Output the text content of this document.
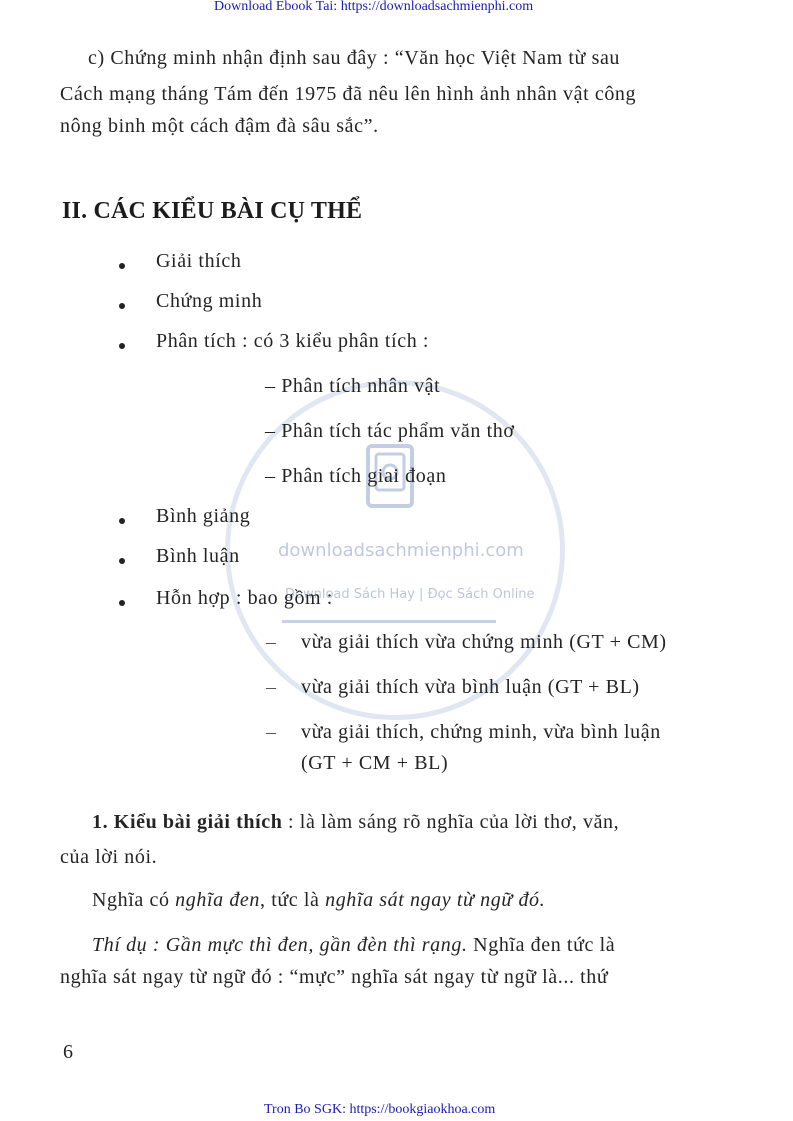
downloadsachmienphi.com
Download Sách Hay | Đọc Sách Online
Download Ebook Tai: https://downloadsachmienphi.com
Tron Bo SGK: https://bookgiaokhoa.com
c) Chứng minh nhận định sau đây : “Văn học Việt Nam từ sau
Cách mạng tháng Tám đến 1975 đã nêu lên hình ảnh nhân vật công
nông binh một cách đậm đà sâu sắc”.
II. CÁC KIỂU BÀI CỤ THỂ
Giải thích
Chứng minh
Phân tích : có 3 kiểu phân tích :
– Phân tích nhân vật
– Phân tích tác phẩm văn thơ
– Phân tích giai đoạn
Bình giảng
Bình luận
Hỗn hợp : bao gồm :
– vừa giải thích vừa chứng minh (GT + CM)
– vừa giải thích vừa bình luận (GT + BL)
– vừa giải thích, chứng minh, vừa bình luận
(GT + CM + BL)
1. Kiểu bài giải thích : là làm sáng rõ nghĩa của lời thơ, văn,
của lời nói.
Nghĩa có nghĩa đen, tức là nghĩa sát ngay từ ngữ đó.
Thí dụ : Gần mực thì đen, gần đèn thì rạng. Nghĩa đen tức là
nghĩa sát ngay từ ngữ đó : “mực” nghĩa sát ngay từ ngữ là... thứ
6
